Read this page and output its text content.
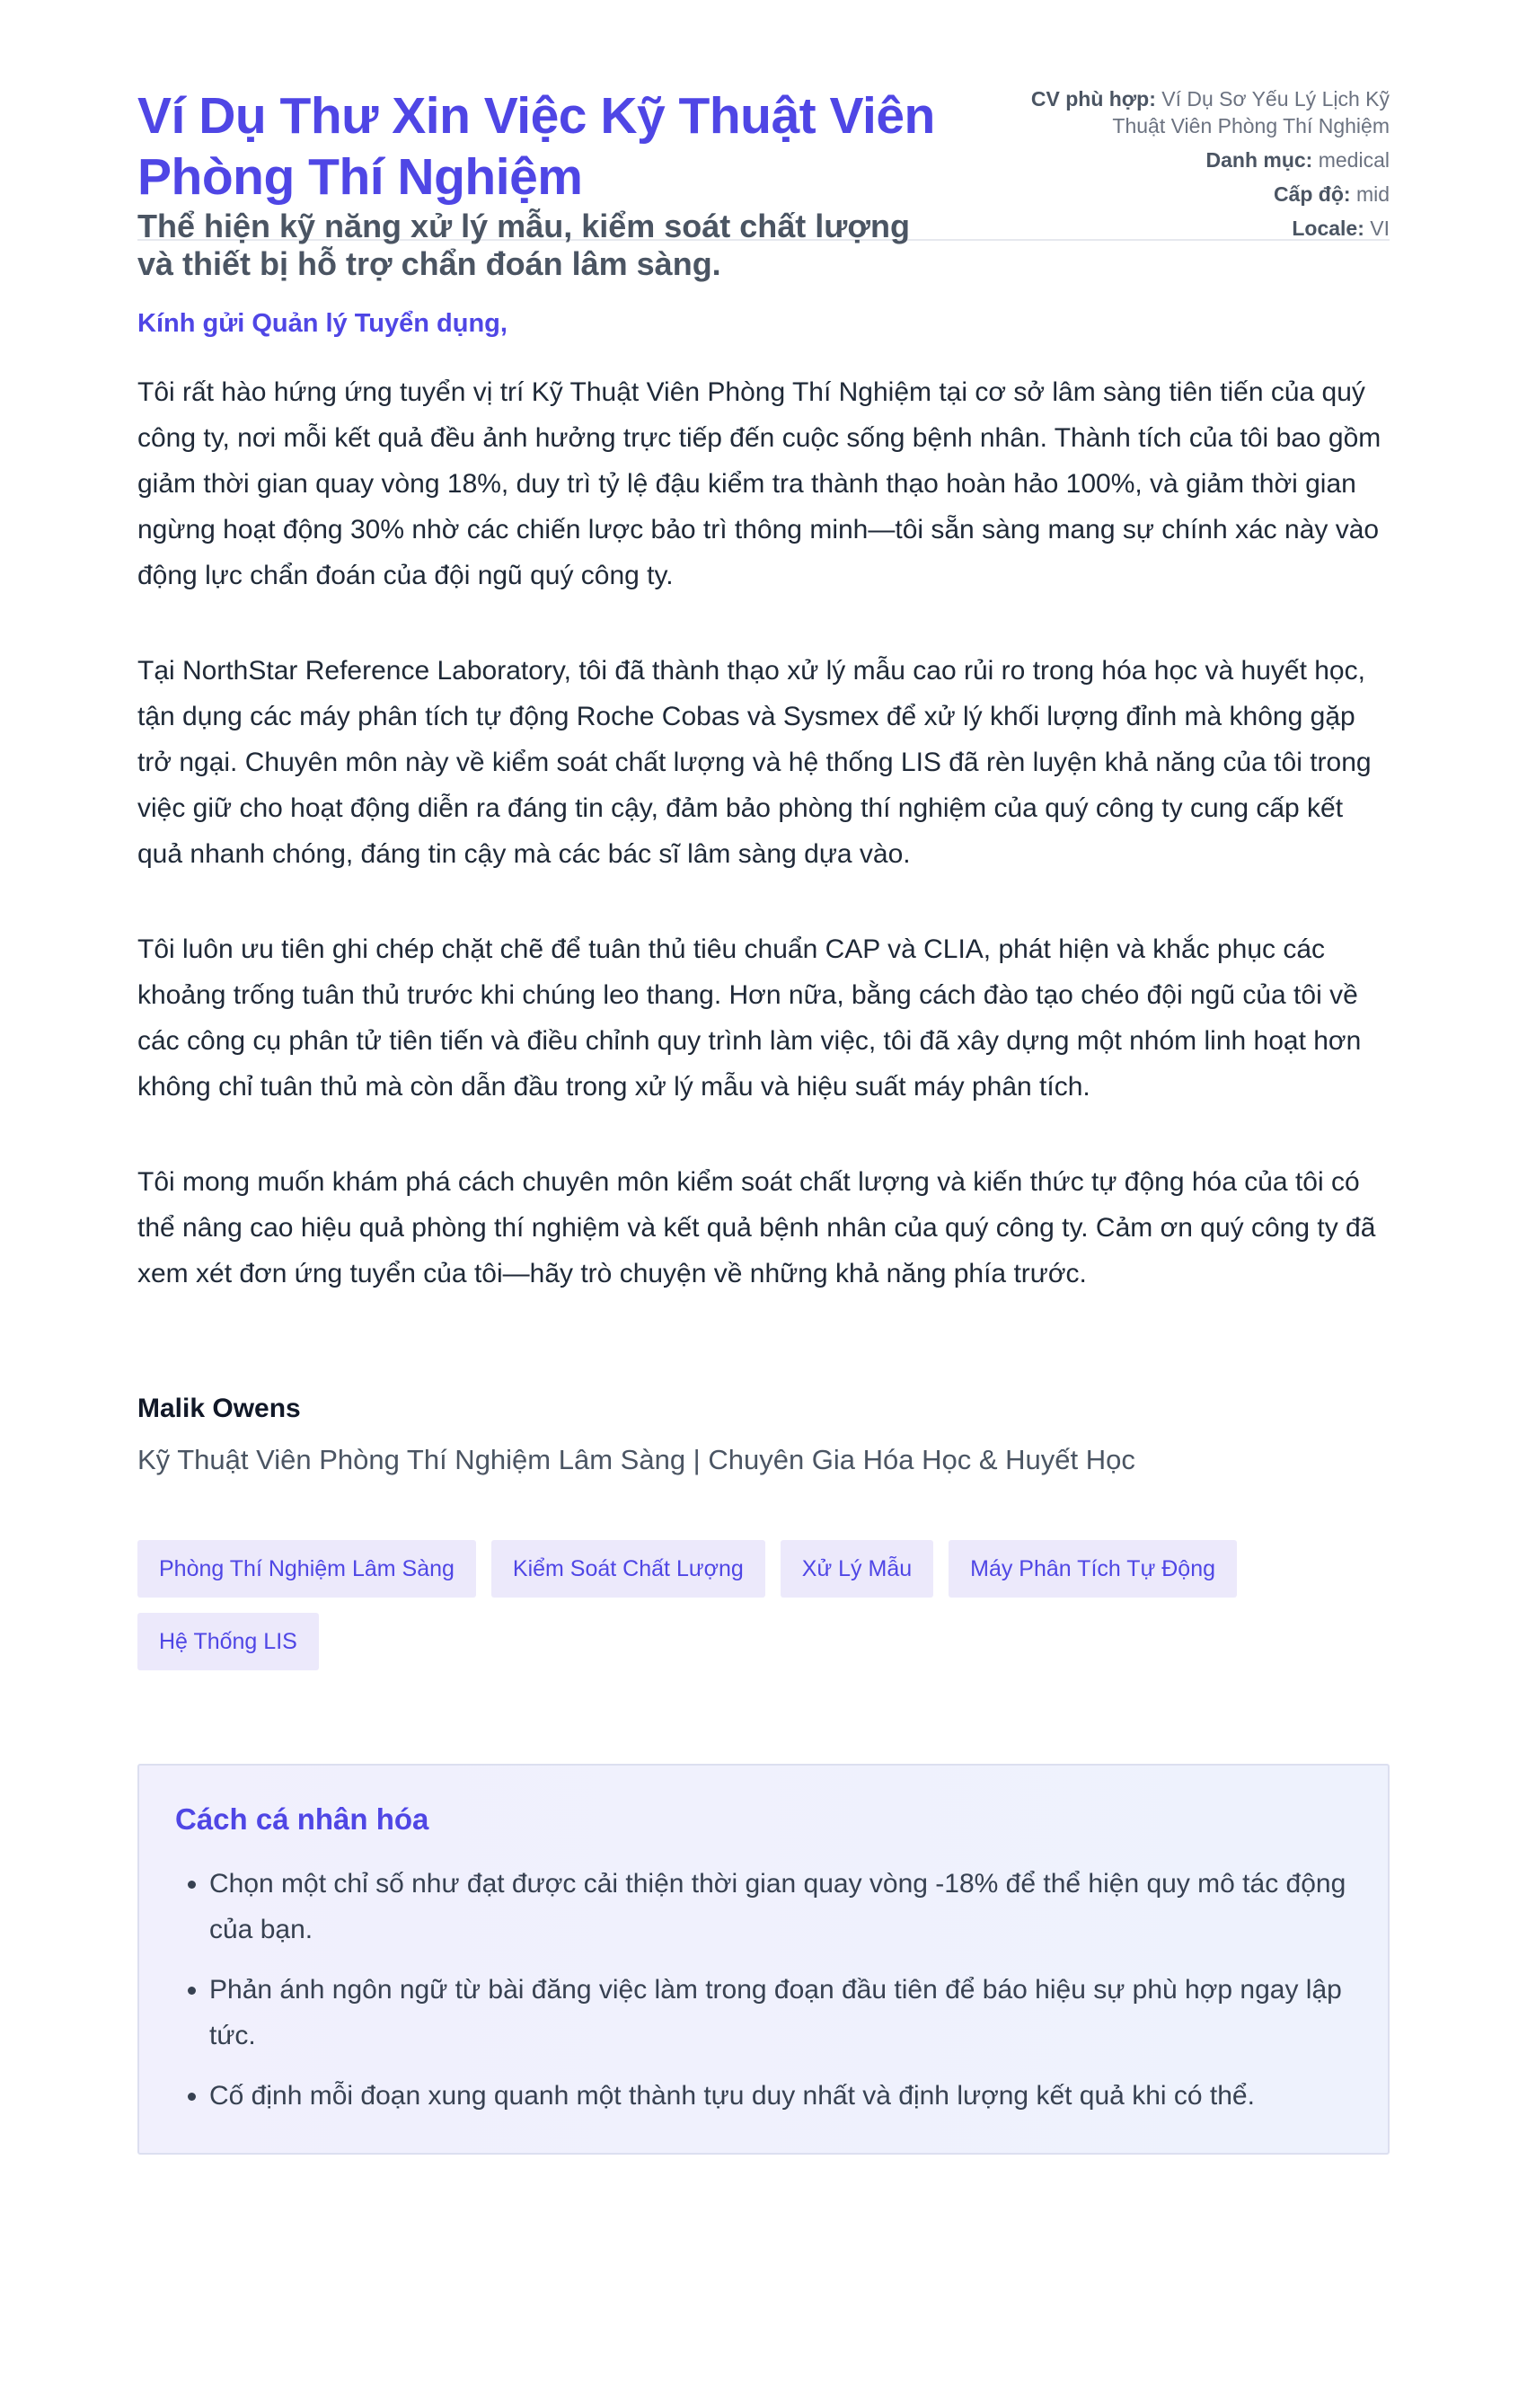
Ví Dụ Thư Xin Việc Kỹ Thuật Viên Phòng Thí Nghiệm

Thể hiện kỹ năng xử lý mẫu, kiểm soát chất lượng và thiết bị hỗ trợ chẩn đoán lâm sàng.

CV phù hợp: Ví Dụ Sơ Yếu Lý Lịch Kỹ Thuật Viên Phòng Thí Nghiệm
Danh mục: medical
Cấp độ: mid
Locale: VI

Kính gửi Quản lý Tuyển dụng,

Tôi rất hào hứng ứng tuyển vị trí Kỹ Thuật Viên Phòng Thí Nghiệm tại cơ sở lâm sàng tiên tiến của quý công ty, nơi mỗi kết quả đều ảnh hưởng trực tiếp đến cuộc sống bệnh nhân. Thành tích của tôi bao gồm giảm thời gian quay vòng 18%, duy trì tỷ lệ đậu kiểm tra thành thạo hoàn hảo 100%, và giảm thời gian ngừng hoạt động 30% nhờ các chiến lược bảo trì thông minh—tôi sẵn sàng mang sự chính xác này vào động lực chẩn đoán của đội ngũ quý công ty.

Tại NorthStar Reference Laboratory, tôi đã thành thạo xử lý mẫu cao rủi ro trong hóa học và huyết học, tận dụng các máy phân tích tự động Roche Cobas và Sysmex để xử lý khối lượng đỉnh mà không gặp trở ngại. Chuyên môn này về kiểm soát chất lượng và hệ thống LIS đã rèn luyện khả năng của tôi trong việc giữ cho hoạt động diễn ra đáng tin cậy, đảm bảo phòng thí nghiệm của quý công ty cung cấp kết quả nhanh chóng, đáng tin cậy mà các bác sĩ lâm sàng dựa vào.

Tôi luôn ưu tiên ghi chép chặt chẽ để tuân thủ tiêu chuẩn CAP và CLIA, phát hiện và khắc phục các khoảng trống tuân thủ trước khi chúng leo thang. Hơn nữa, bằng cách đào tạo chéo đội ngũ của tôi về các công cụ phân tử tiên tiến và điều chỉnh quy trình làm việc, tôi đã xây dựng một nhóm linh hoạt hơn không chỉ tuân thủ mà còn dẫn đầu trong xử lý mẫu và hiệu suất máy phân tích.

Tôi mong muốn khám phá cách chuyên môn kiểm soát chất lượng và kiến thức tự động hóa của tôi có thể nâng cao hiệu quả phòng thí nghiệm và kết quả bệnh nhân của quý công ty. Cảm ơn quý công ty đã xem xét đơn ứng tuyển của tôi—hãy trò chuyện về những khả năng phía trước.

Malik Owens

Kỹ Thuật Viên Phòng Thí Nghiệm Lâm Sàng | Chuyên Gia Hóa Học & Huyết Học

Phòng Thí Nghiệm Lâm Sàng	Kiểm Soát Chất Lượng	Xử Lý Mẫu	Máy Phân Tích Tự Động
Hệ Thống LIS
Cách cá nhân hóa
• Chọn một chỉ số như đạt được cải thiện thời gian quay vòng -18% để thể hiện quy mô tác động của bạn.
• Phản ánh ngôn ngữ từ bài đăng việc làm trong đoạn đầu tiên để báo hiệu sự phù hợp ngay lập tức.
• Cố định mỗi đoạn xung quanh một thành tựu duy nhất và định lượng kết quả khi có thể.
